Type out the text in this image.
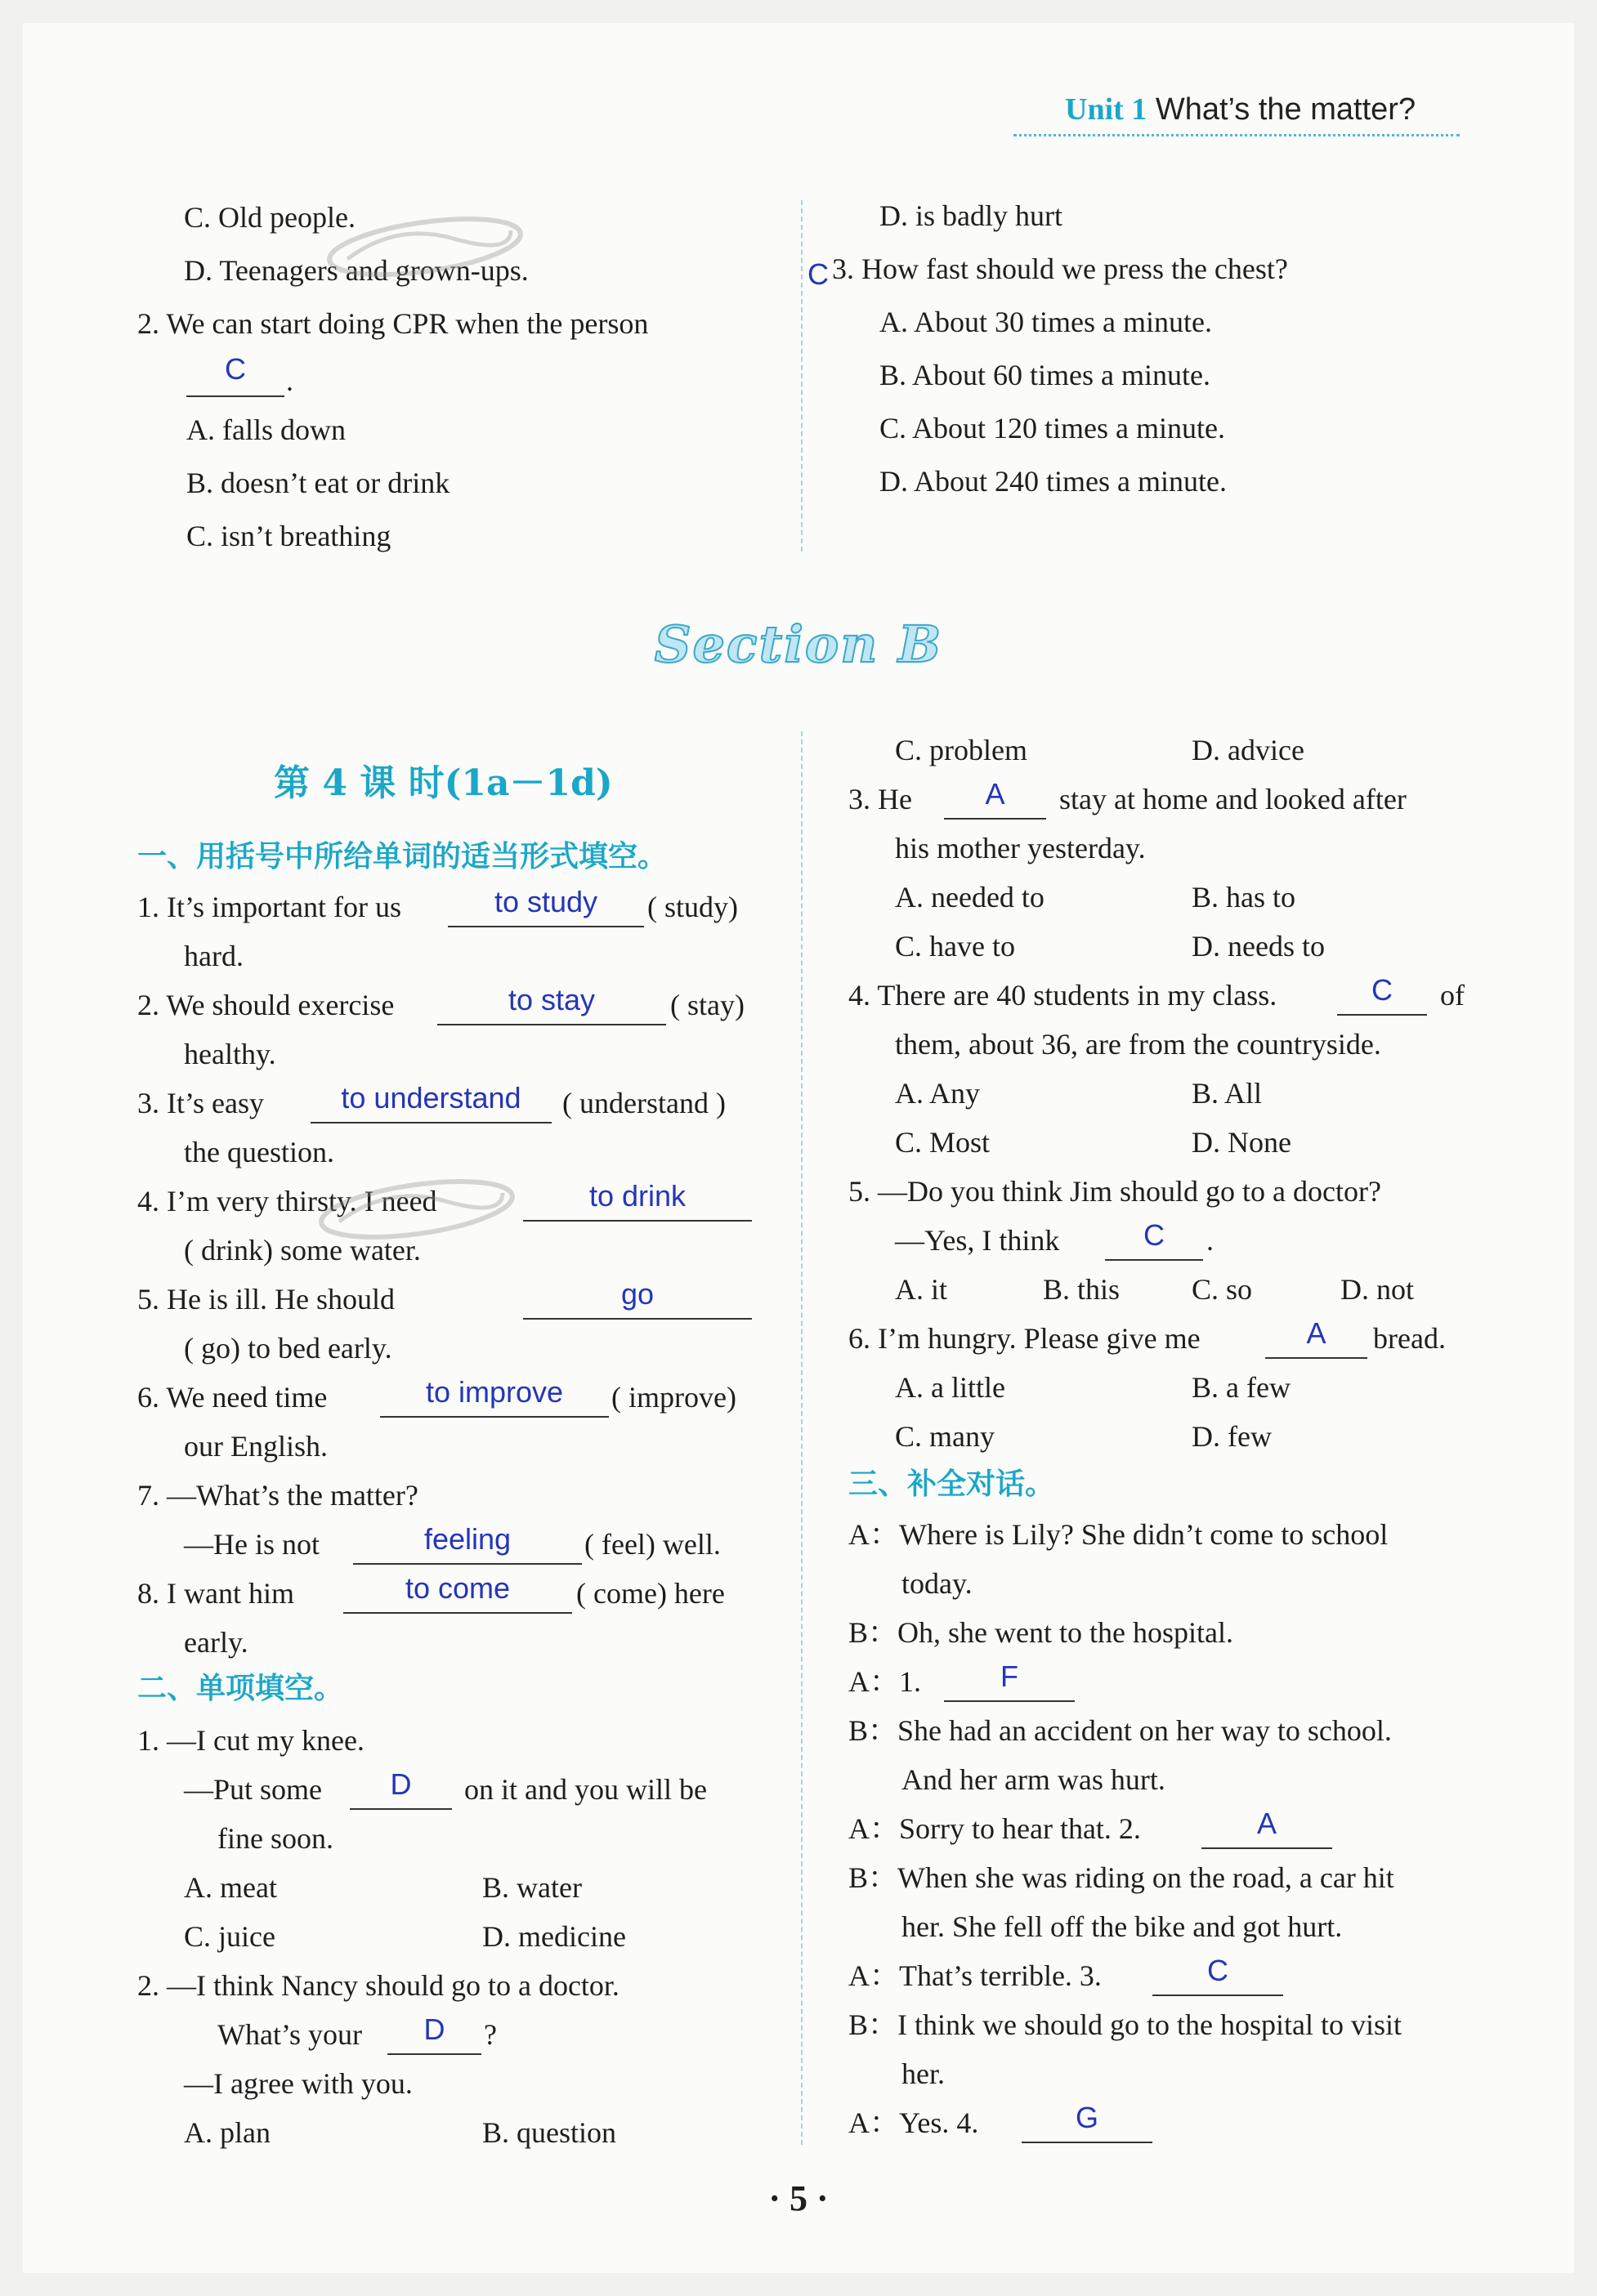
Unit 1 What’s the matter?
C. Old people.
D. Teenagers and grown-ups.
2. We can start doing CPR when the person
C	.
A. falls down
B. doesn’t eat or drink
C. isn’t breathing
D. is badly hurt
C 3. How fast should we press the chest?
A. About 30 times a minute.
B. About 60 times a minute.
C. About 120 times a minute.
D. About 240 times a minute.
Section B
第 4 课 时(1a－1d)
一、用括号中所给单词的适当形式填空。
1. It’s important for us	to study	( study)
hard.
2. We should exercise	to stay	( stay)
healthy.
3. It’s easy	to understand	( understand )
the question.
4. I’m very thirsty. I need	to drink
( drink) some water.
5. He is ill. He should	go
( go) to bed early.
6. We need time	to improve	( improve)
our English.
7. —What’s the matter?
—He is not	feeling	( feel) well.
8. I want him	to come	( come) here
early.
二、单项填空。
1. —I cut my knee.
—Put some	D	on it and you will be
fine soon.
A. meat	B. water
C. juice	D. medicine
2. —I think Nancy should go to a doctor.
What’s your	D	?
—I agree with you.
A. plan	B. question
C. problem	D. advice
3. He	A	stay at home and looked after
his mother yesterday.
A. needed to	B. has to
C. have to	D. needs to
4. There are 40 students in my class.	C	of
them, about 36, are from the countryside.
A. Any	B. All
C. Most	D. None
5. —Do you think Jim should go to a doctor?
—Yes, I think	C	.
A. it	B. this C. so	D. not
6. I’m hungry. Please give me	A	bread.
A. a little	B. a few
C. many	D. few
三、补全对话。
A：Where is Lily? She didn’t come to school
today.
B：Oh, she went to the hospital.
A：1.	F
B：She had an accident on her way to school.
And her arm was hurt.
A：Sorry to hear that. 2.	A
B：When she was riding on the road, a car hit
her. She fell off the bike and got hurt.
A：That’s terrible. 3.	C
B：I think we should go to the hospital to visit
her.
A：Yes. 4.	G
· 5 ·
